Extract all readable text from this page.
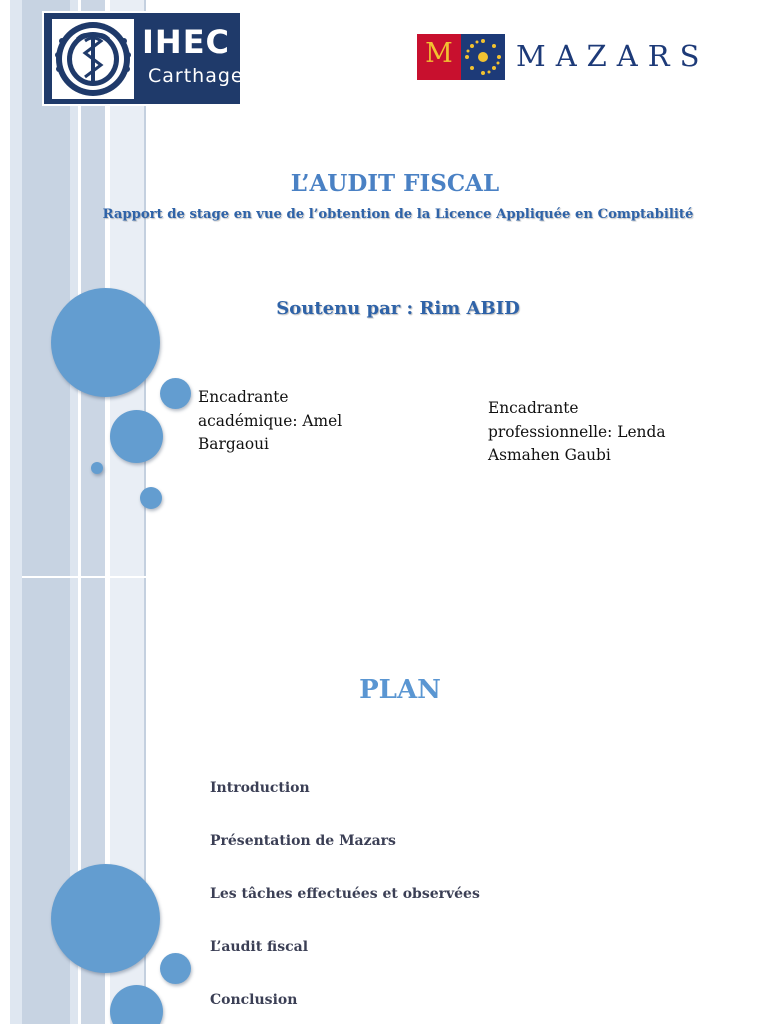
IHEC
Carthage
M MAZARS
L’AUDIT FISCAL
Rapport de stage en vue de l’obtention de la Licence Appliquée en Comptabilité
Soutenu par : Rim ABID
Encadrante
académique: Amel
Bargaoui
Encadrante
professionnelle: Lenda
Asmahen Gaubi
PLAN
Introduction
Présentation de Mazars
Les tâches effectuées et observées
L’audit fiscal
Conclusion
